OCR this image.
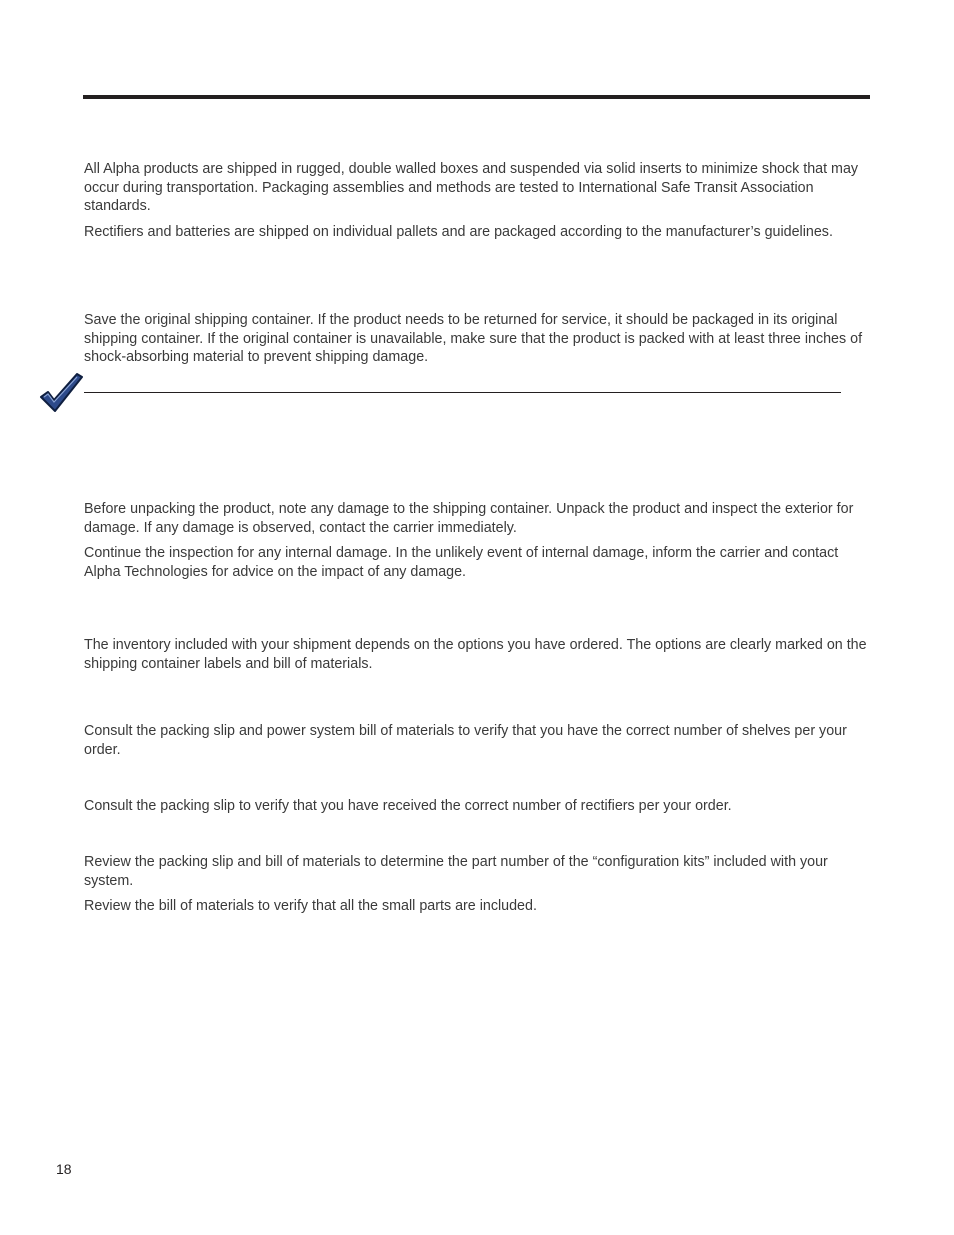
All Alpha products are shipped in rugged, double walled boxes and suspended via solid inserts to minimize shock that may occur during transportation. Packaging assemblies and methods are tested to International Safe Transit Association standards.

Rectifiers and batteries are shipped on individual pallets and are packaged according to the manufacturer’s guidelines.

Save the original shipping container. If the product needs to be returned for service, it should be packaged in its original shipping container. If the original container is unavailable, make sure that the product is packed with at least three inches of shock-absorbing material to prevent shipping damage.

Before unpacking the product, note any damage to the shipping container. Unpack the product and inspect the exterior for damage. If any damage is observed, contact the carrier immediately.

Continue the inspection for any internal damage. In the unlikely event of internal damage, inform the carrier and contact Alpha Technologies for advice on the impact of any damage.

The inventory included with your shipment depends on the options you have ordered. The options are clearly marked on the shipping container labels and bill of materials.

Consult the packing slip and power system bill of materials to verify that you have the correct number of shelves per your order.

Consult the packing slip to verify that you have received the correct number of rectifiers per your order.

Review the packing slip and bill of materials to determine the part number of the “configuration kits” included with your system.

Review the bill of materials to verify that all the small parts are included.

18
